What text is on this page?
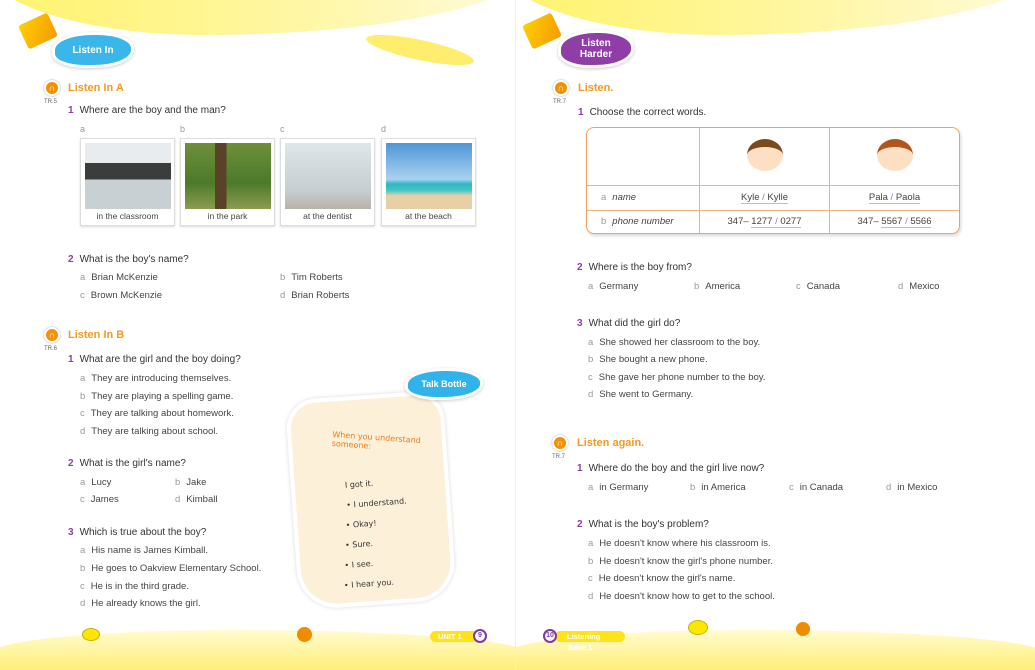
Listen In
∩
TR.5
Listen In A
1 Where are the boy and the man?
a	b	c	d
in the classroom	in the park	at the dentist	at the beach
2 What is the boy's name?
a Brian McKenzie	b Tim Roberts
c Brown McKenzie	d Brian Roberts
∩
TR.6
Listen In B
1 What are the girl and the boy doing?
a They are introducing themselves.
b They are playing a spelling game.
c They are talking about homework.
d They are talking about school.
2 What is the girl's name?
a Lucy	b Jake
c James	d Kimball
3 Which is true about the boy?
a His name is James Kimball.
b He goes to Oakview Elementary School.
c He is in the third grade.
d He already knows the girl.
When you understand someone:
I got it.
• I understand.
• Okay!
• Sure.
• I see.
• I hear you.
Talk Bottle
UNIT 1	9
Listen Harder
∩
TR.7
Listen.
1 Choose the correct words.

a name	Kyle / Kylle	Pala / Paola
b phone number	347– 1277 / 0277	347– 5567 / 5566
2 Where is the boy from?
a Germany	b America	c Canada	d Mexico
3 What did the girl do?
a She showed her classroom to the boy.
b She bought a new phone.
c She gave her phone number to the boy.
d She went to Germany.
∩
TR.7
Listen again.
1 Where do the boy and the girl live now?
a in Germany	b in America	c in Canada	d in Mexico
2 What is the boy's problem?
a He doesn't know where his classroom is.
b He doesn't know the girl's phone number.
c He doesn't know the girl's name.
d He doesn't know how to get to the school.
Listening Juice 1
10
